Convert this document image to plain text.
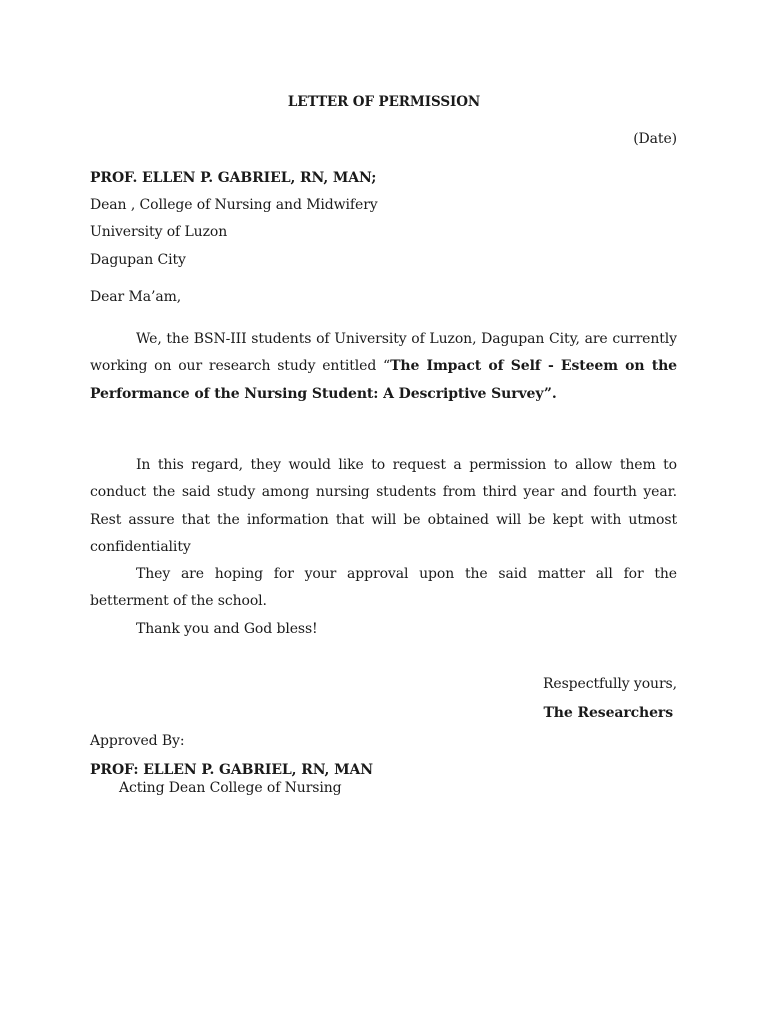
LETTER OF PERMISSION
(Date)
PROF. ELLEN P. GABRIEL, RN, MAN;
Dean , College of Nursing and Midwifery
University of Luzon
Dagupan City
Dear Ma’am,

We, the BSN-III students of University of Luzon, Dagupan City, are currently working on our research study entitled “The Impact of Self - Esteem on the Performance of the Nursing Student: A Descriptive Survey”.

In this regard, they would like to request a permission to allow them to conduct the said study among nursing students from third year and fourth year. Rest assure that the information that will be obtained will be kept with utmost confidentiality

They are hoping for your approval upon the said matter all for the betterment of the school.

Thank you and God bless!

Respectfully yours,
The Researchers
Approved By:
PROF: ELLEN P. GABRIEL, RN, MAN
Acting Dean College of Nursing
